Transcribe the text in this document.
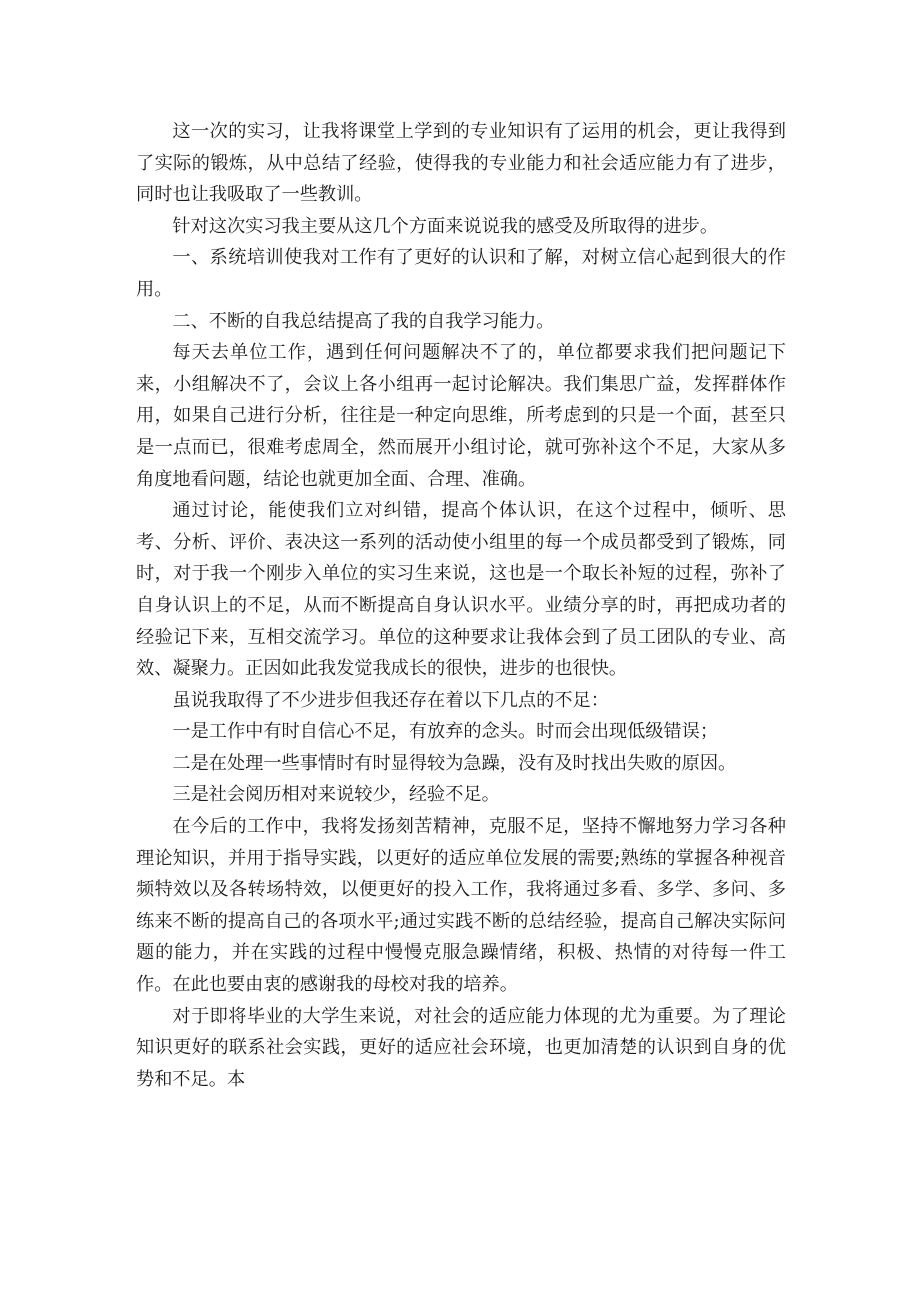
这一次的实习，让我将课堂上学到的专业知识有了运用的机会，更让我得到了实际的锻炼，从中总结了经验，使得我的专业能力和社会适应能力有了进步，同时也让我吸取了一些教训。

针对这次实习我主要从这几个方面来说说我的感受及所取得的进步。

一、系统培训使我对工作有了更好的认识和了解，对树立信心起到很大的作用。

二、不断的自我总结提高了我的自我学习能力。

每天去单位工作，遇到任何问题解决不了的，单位都要求我们把问题记下来，小组解决不了，会议上各小组再一起讨论解决。我们集思广益，发挥群体作用，如果自己进行分析，往往是一种定向思维，所考虑到的只是一个面，甚至只是一点而已，很难考虑周全，然而展开小组讨论，就可弥补这个不足，大家从多角度地看问题，结论也就更加全面、合理、准确。

通过讨论，能使我们立对纠错，提高个体认识，在这个过程中，倾听、思考、分析、评价、表决这一系列的活动使小组里的每一个成员都受到了锻炼，同时，对于我一个刚步入单位的实习生来说，这也是一个取长补短的过程，弥补了自身认识上的不足，从而不断提高自身认识水平。业绩分享的时，再把成功者的经验记下来，互相交流学习。单位的这种要求让我体会到了员工团队的专业、高效、凝聚力。正因如此我发觉我成长的很快，进步的也很快。

虽说我取得了不少进步但我还存在着以下几点的不足：

一是工作中有时自信心不足，有放弃的念头。时而会出现低级错误；

二是在处理一些事情时有时显得较为急躁，没有及时找出失败的原因。

三是社会阅历相对来说较少，经验不足。

在今后的工作中，我将发扬刻苦精神，克服不足，坚持不懈地努力学习各种理论知识，并用于指导实践，以更好的适应单位发展的需要;熟练的掌握各种视音频特效以及各转场特效，以便更好的投入工作，我将通过多看、多学、多问、多练来不断的提高自己的各项水平;通过实践不断的总结经验，提高自己解决实际问题的能力，并在实践的过程中慢慢克服急躁情绪，积极、热情的对待每一件工作。在此也要由衷的感谢我的母校对我的培养。

对于即将毕业的大学生来说，对社会的适应能力体现的尤为重要。为了理论知识更好的联系社会实践，更好的适应社会环境，也更加清楚的认识到自身的优势和不足。本
